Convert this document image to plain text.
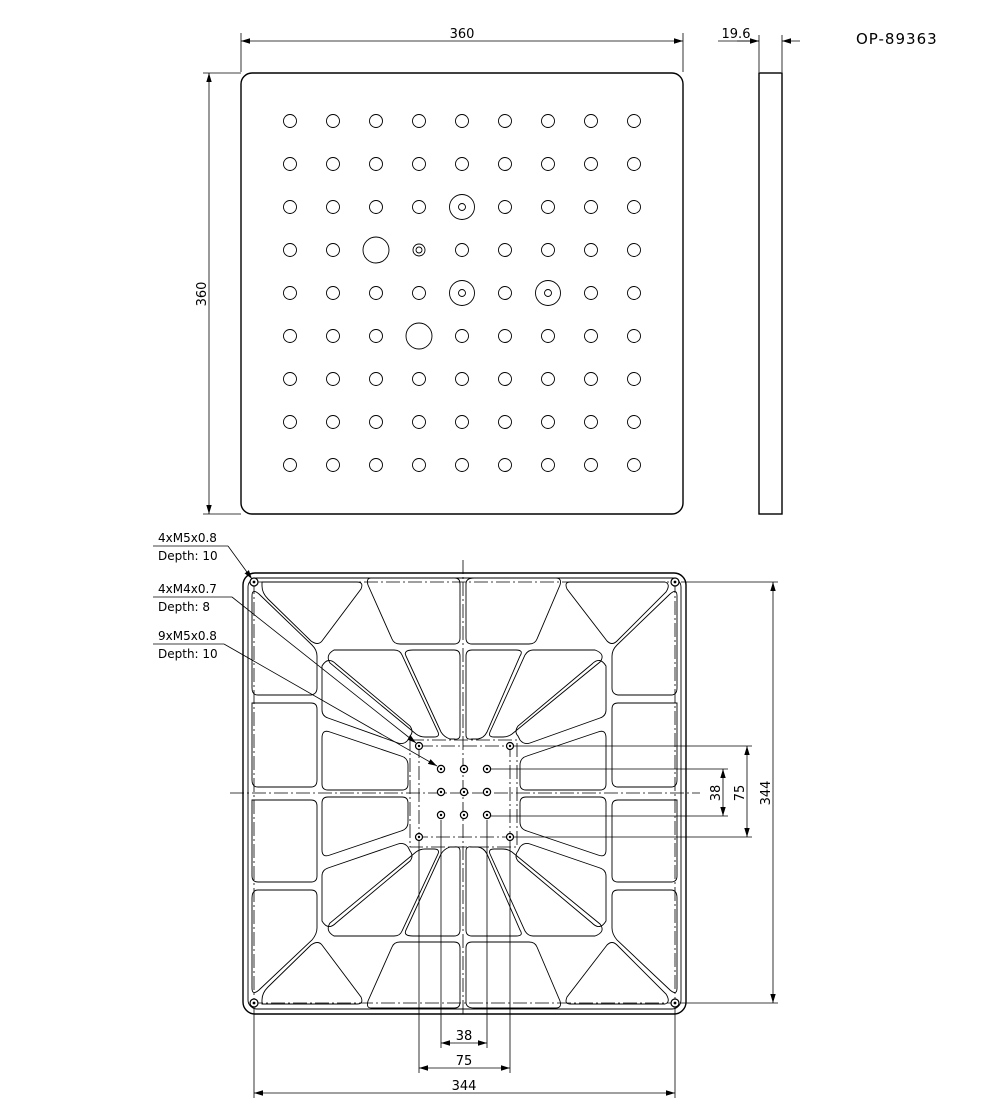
OP-89363
360
360
19.6
4xM5x0.8
Depth: 10
4xM4x0.7
Depth: 8
9xM5x0.8
Depth: 10
344
75
38
38
75
344
